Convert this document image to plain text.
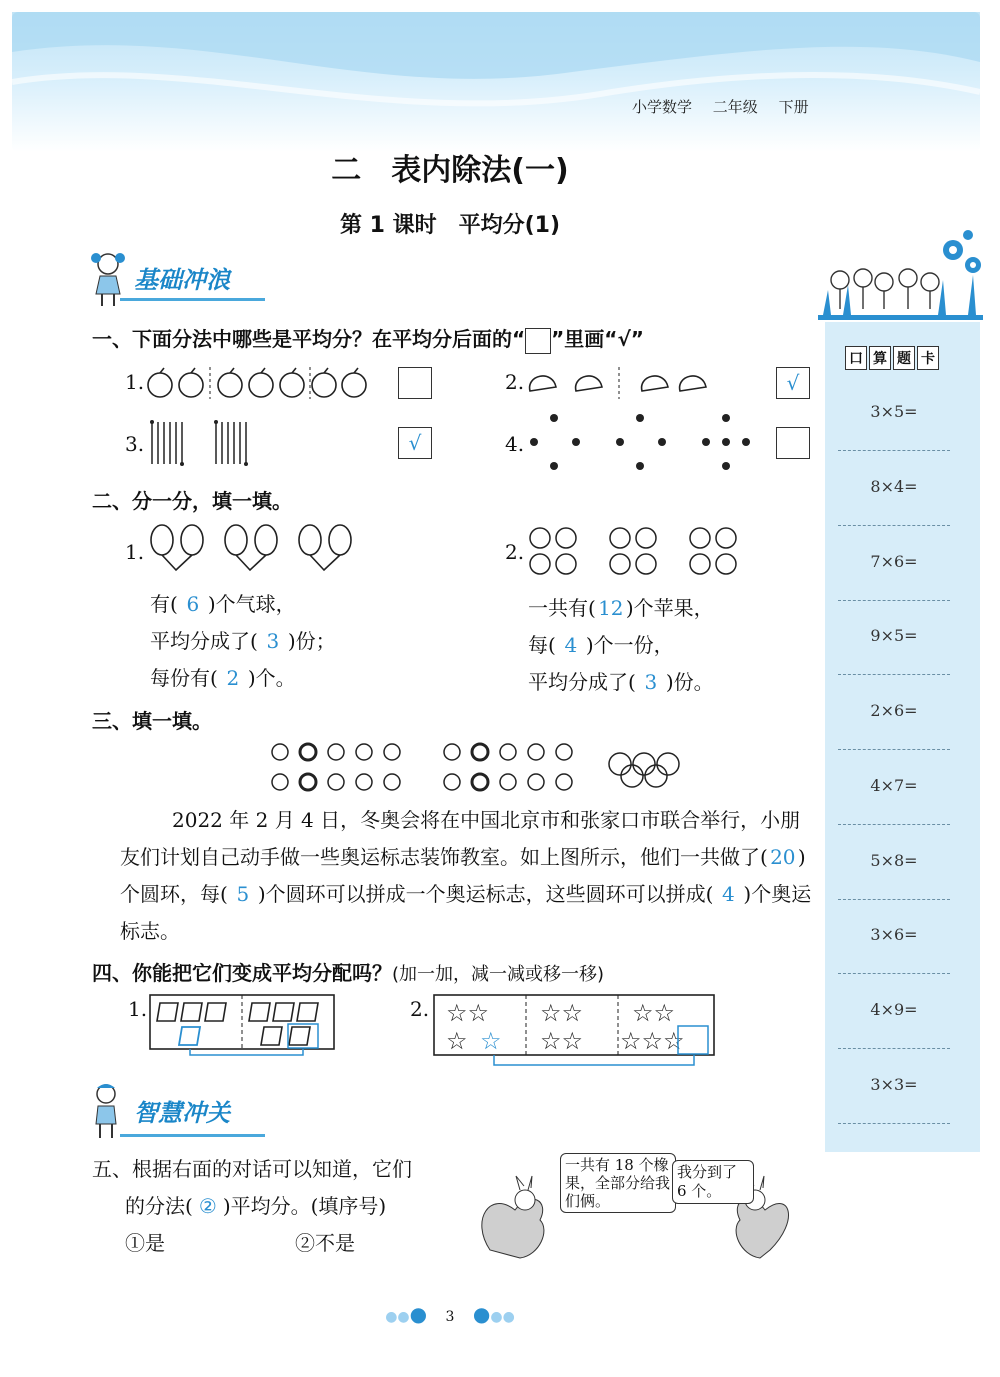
小学数学 二年级 下册
二　表内除法(一)
第 1 课时　平均分(1)
口 算 题 卡
3×5=
8×4=
7×6=
9×5=
2×6=
4×7=
5×8=
3×6=
4×9=
3×3=
基础冲浪
一、下面分法中哪些是平均分？在平均分后面的“ ”里画“√”
1.	2.	√
3.	√	4.
二、分一分，填一填。
1.
有( 6 )个气球，
平均分成了( 3 )份；
每份有( 2 )个。
2.
一共有( 12 )个苹果，
每( 4 )个一份，
平均分成了( 3 )份。
三、填一填。
2022 年 2 月 4 日，冬奥会将在中国北京市和张家口市联合举行，小朋友们计划自己动手做一些奥运标志装饰教室。如上图所示，他们一共做了( 20 )个圆环，每( 5 )个圆环可以拼成一个奥运标志，这些圆环可以拼成( 4 )个奥运标志。
四、你能把它们变成平均分配吗？(加一加，减一减或移一移)
1.	2. ☆☆
☆
☆☆
☆☆
☆☆
☆☆☆
☆
智慧冲关
五、根据右面的对话可以知道，它们
的分法( ② )平均分。(填序号)
①是	②不是
一共有 18 个橡果，全部分给我们俩。
我分到了 6 个。
●●● 3 ●●●
